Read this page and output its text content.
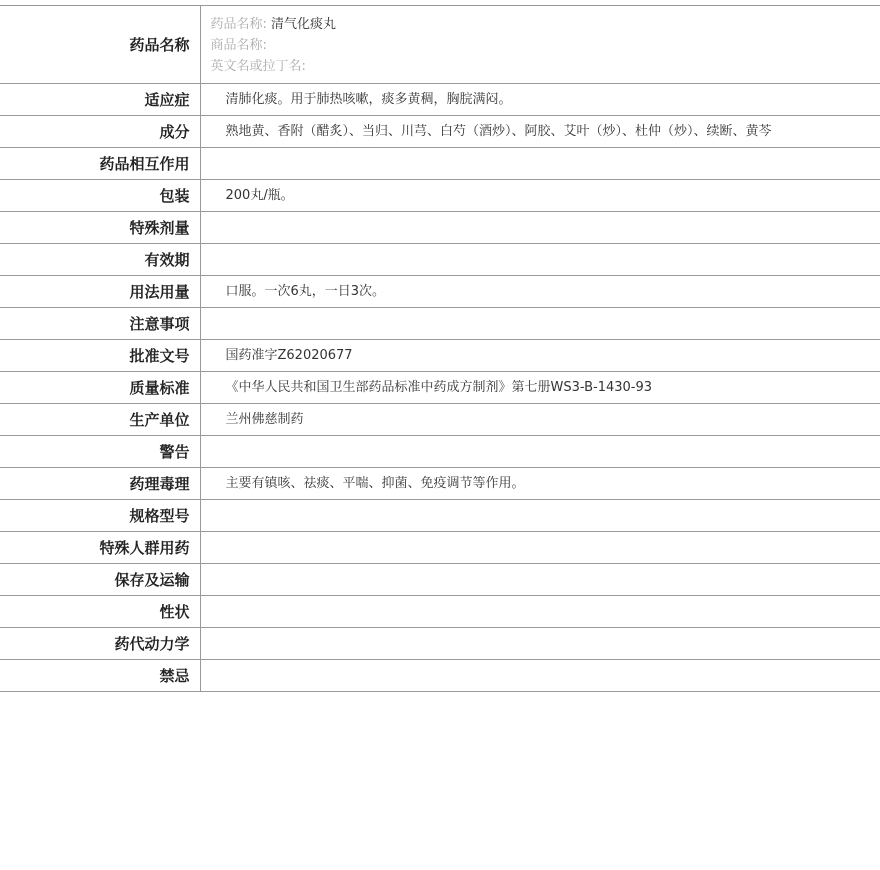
药品名称	药品名称: 清气化痰丸
商品名称:
英文名或拉丁名:

适应症	清肺化痰。用于肺热咳嗽，痰多黄稠，胸脘满闷。
成分	熟地黄、香附（醋炙）、当归、川芎、白芍（酒炒）、阿胶、艾叶（炒）、杜仲（炒）、续断、黄芩
药品相互作用	
包装	200丸/瓶。
特殊剂量	
有效期	
用法用量	口服。一次6丸，一日3次。
注意事项	
批准文号	国药准字Z62020677
质量标准	《中华人民共和国卫生部药品标准中药成方制剂》第七册WS3-B-1430-93
生产单位	兰州佛慈制药
警告	
药理毒理	主要有镇咳、祛痰、平喘、抑菌、免疫调节等作用。
规格型号	
特殊人群用药	
保存及运输	
性状	
药代动力学	
禁忌	
